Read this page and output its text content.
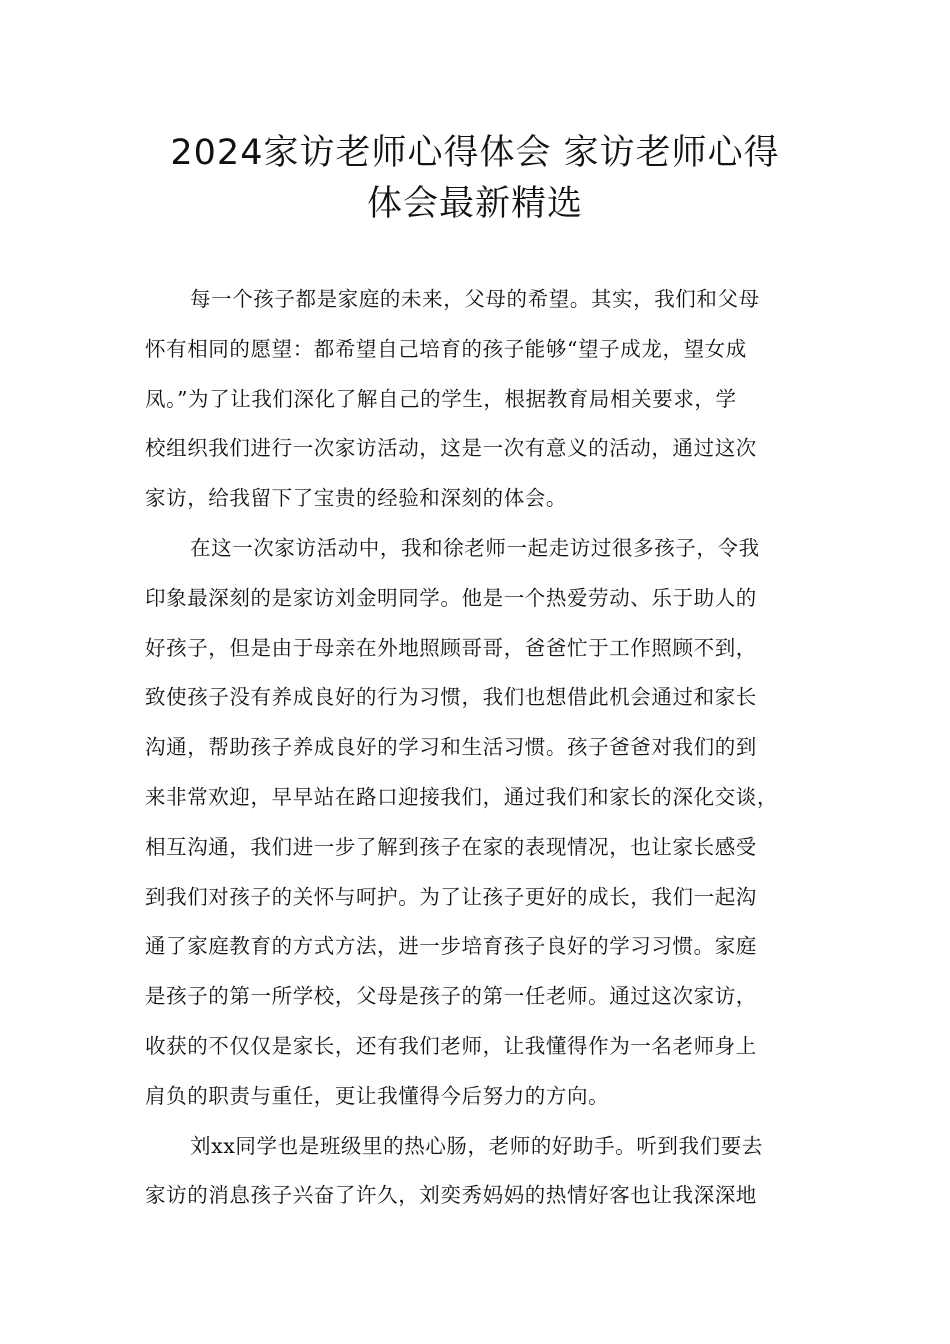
2024家访老师心得体会 家访老师心得
体会最新精选

每一个孩子都是家庭的未来，父母的希望。其实，我们和父母
怀有相同的愿望：都希望自己培育的孩子能够“望子成龙，望女成
凤。”为了让我们深化了解自己的学生，根据教育局相关要求，学
校组织我们进行一次家访活动，这是一次有意义的活动，通过这次
家访，给我留下了宝贵的经验和深刻的体会。

在这一次家访活动中，我和徐老师一起走访过很多孩子，令我
印象最深刻的是家访刘金明同学。他是一个热爱劳动、乐于助人的
好孩子，但是由于母亲在外地照顾哥哥，爸爸忙于工作照顾不到，
致使孩子没有养成良好的行为习惯，我们也想借此机会通过和家长
沟通，帮助孩子养成良好的学习和生活习惯。孩子爸爸对我们的到
来非常欢迎，早早站在路口迎接我们，通过我们和家长的深化交谈，
相互沟通，我们进一步了解到孩子在家的表现情况，也让家长感受
到我们对孩子的关怀与呵护。为了让孩子更好的成长，我们一起沟
通了家庭教育的方式方法，进一步培育孩子良好的学习习惯。家庭
是孩子的第一所学校，父母是孩子的第一任老师。通过这次家访，
收获的不仅仅是家长，还有我们老师，让我懂得作为一名老师身上
肩负的职责与重任，更让我懂得今后努力的方向。

刘xx同学也是班级里的热心肠，老师的好助手。听到我们要去
家访的消息孩子兴奋了许久，刘奕秀妈妈的热情好客也让我深深地
